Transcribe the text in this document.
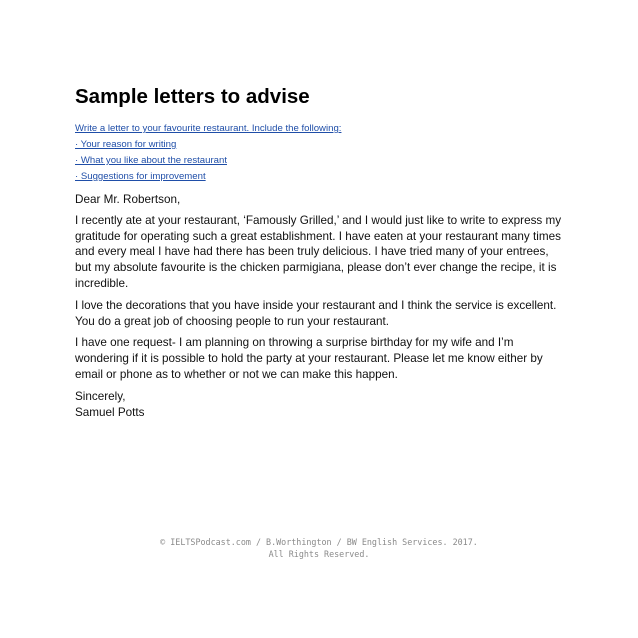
Sample letters to advise
Write a letter to your favourite restaurant. Include the following:
· Your reason for writing
· What you like about the restaurant
· Suggestions for improvement

Dear Mr. Robertson,

I recently ate at your restaurant, ‘Famously Grilled,’ and I would just like to write to express my gratitude for operating such a great establishment. I have eaten at your restaurant many times and every meal I have had there has been truly delicious. I have tried many of your entrees, but my absolute favourite is the chicken parmigiana, please don’t ever change the recipe, it is incredible.

I love the decorations that you have inside your restaurant and I think the service is excellent. You do a great job of choosing people to run your restaurant.

I have one request- I am planning on throwing a surprise birthday for my wife and I’m wondering if it is possible to hold the party at your restaurant. Please let me know either by email or phone as to whether or not we can make this happen.

Sincerely,

Samuel Potts

© IELTSPodcast.com / B.Worthington / BW English Services. 2017.
All Rights Reserved.
